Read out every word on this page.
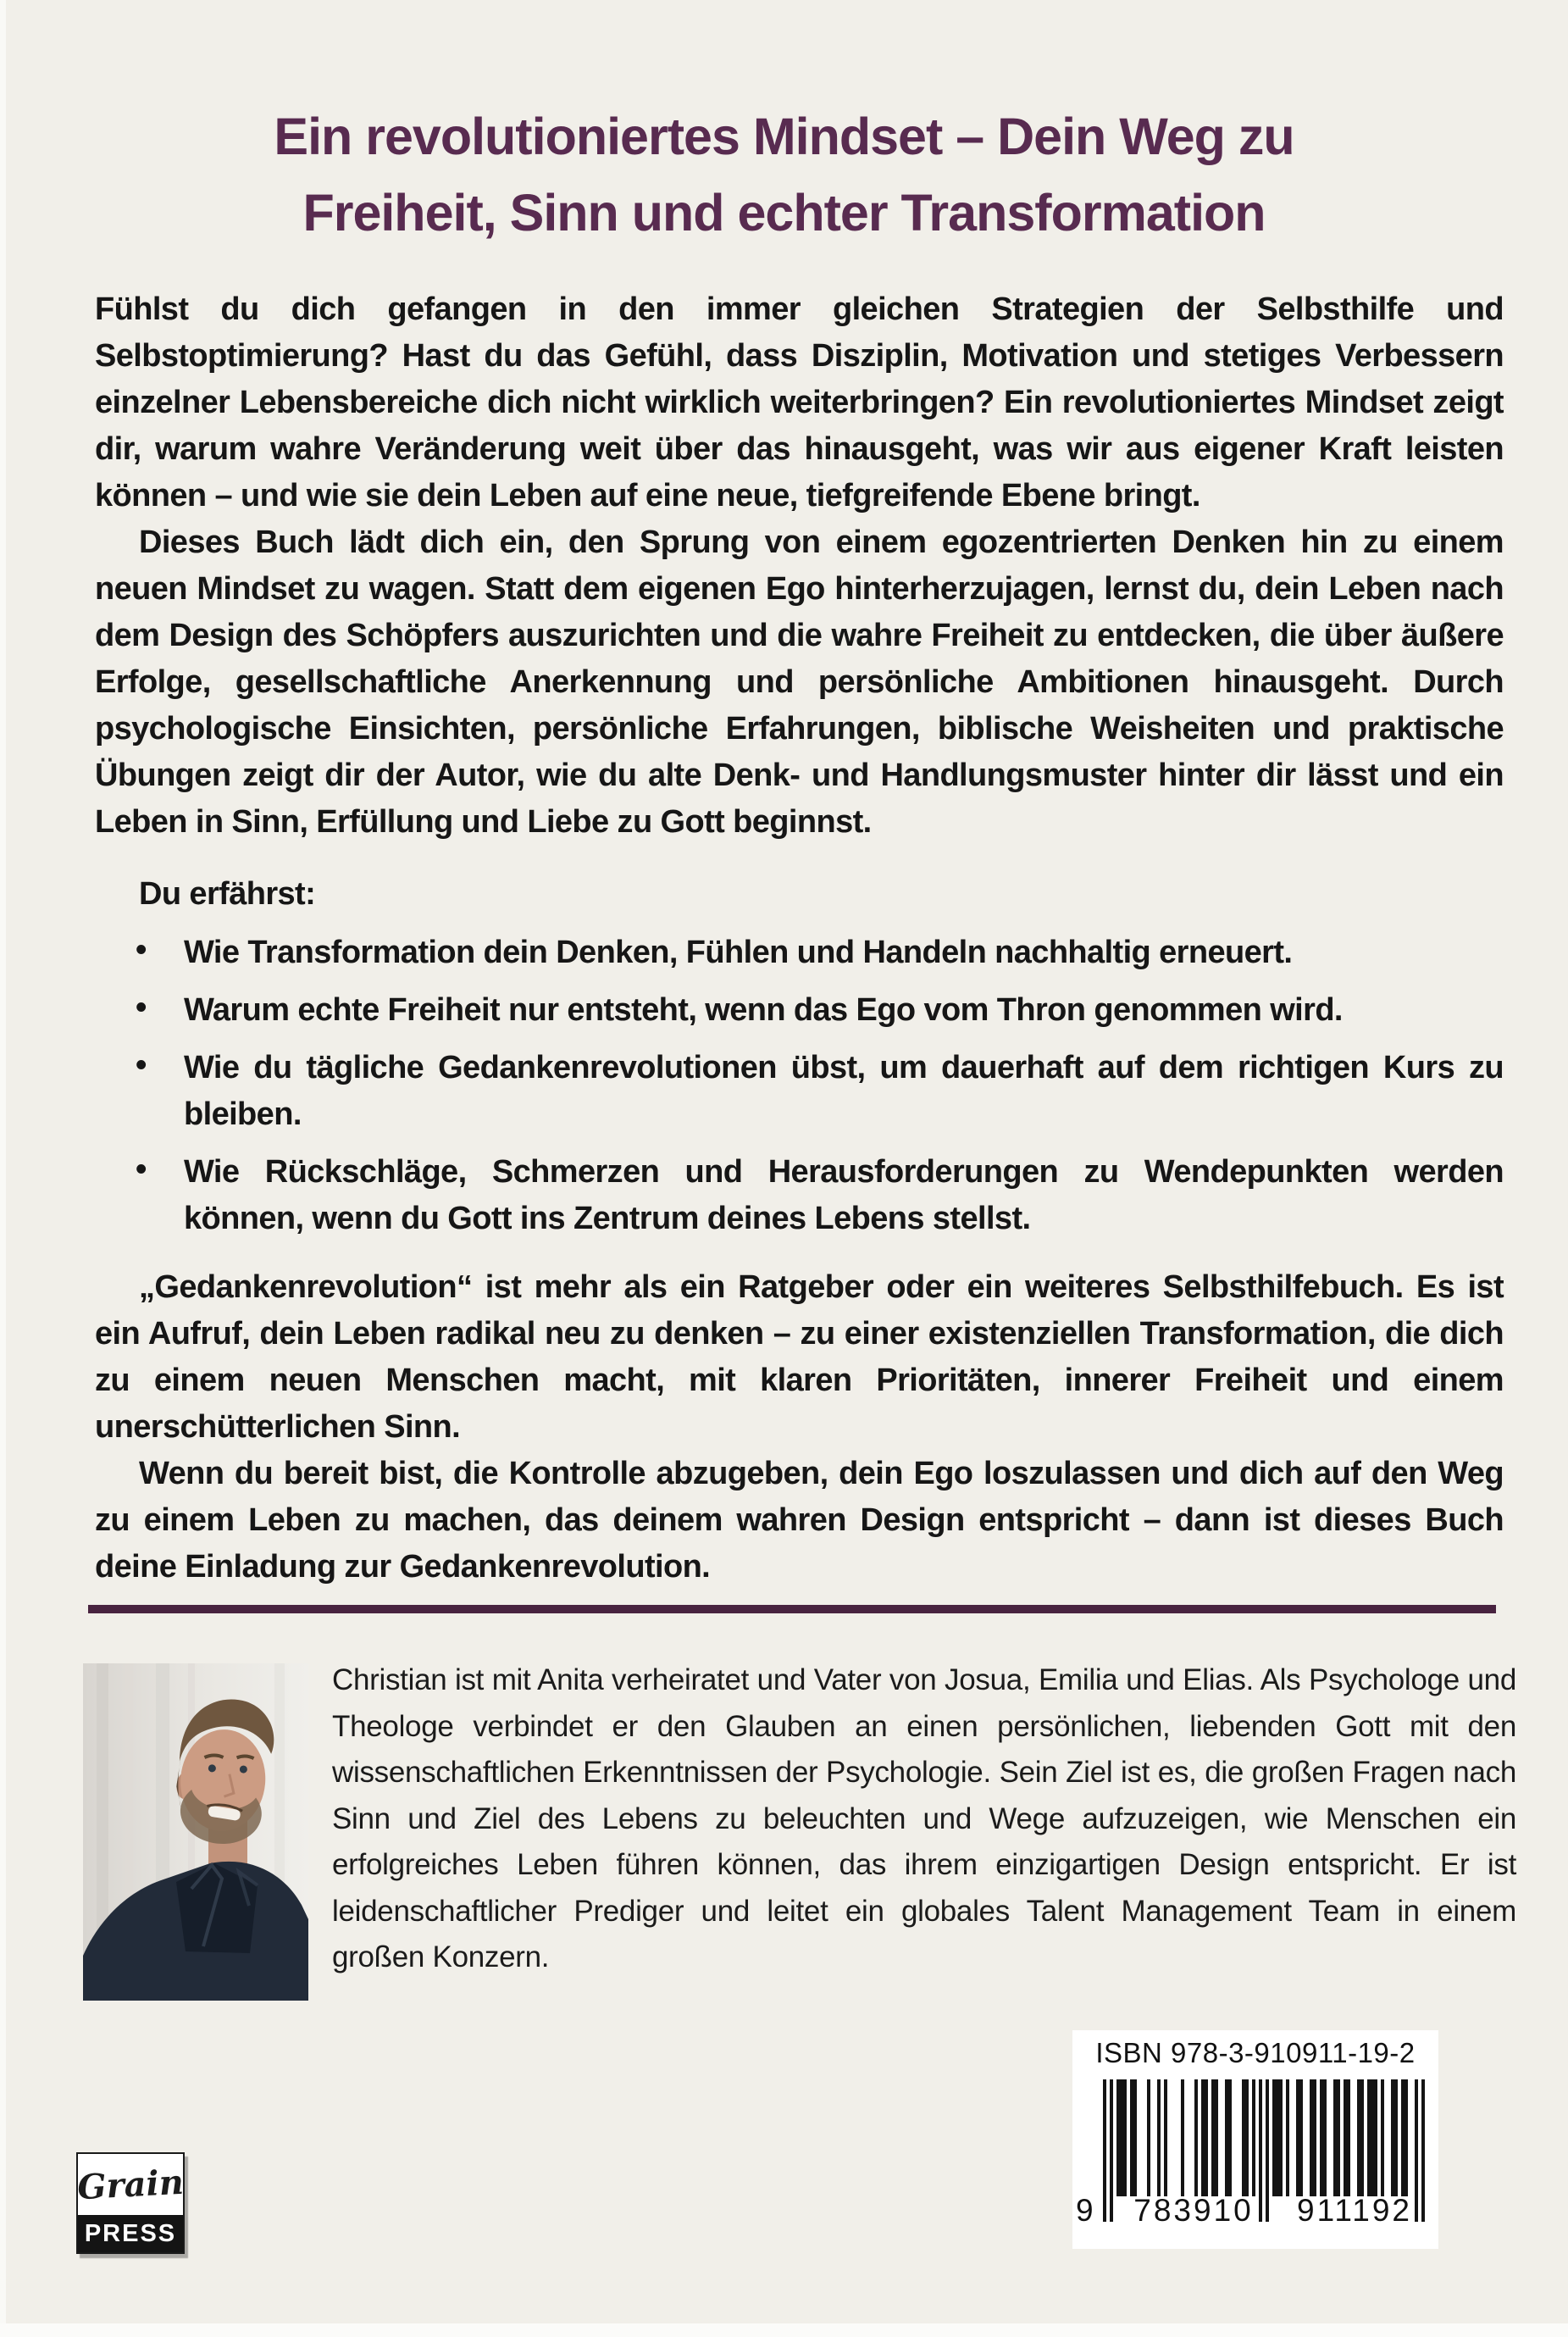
Ein revolutioniertes Mindset – Dein Weg zu
Freiheit, Sinn und echter Transformation

Fühlst du dich gefangen in den immer gleichen Strategien der Selbsthilfe und Selbstoptimierung? Hast du das Gefühl, dass Disziplin, Motivation und stetiges Verbessern einzelner Lebensbereiche dich nicht wirklich weiterbringen? Ein revolutioniertes Mindset zeigt dir, warum wahre Veränderung weit über das hinausgeht, was wir aus eigener Kraft leisten können – und wie sie dein Leben auf eine neue, tiefgreifende Ebene bringt.

Dieses Buch lädt dich ein, den Sprung von einem egozentrierten Denken hin zu einem neuen Mindset zu wagen. Statt dem eigenen Ego hinterherzujagen, lernst du, dein Leben nach dem Design des Schöpfers auszurichten und die wahre Freiheit zu entdecken, die über äußere Erfolge, gesellschaftliche Anerkennung und persönliche Ambitionen hinausgeht. Durch psychologische Einsichten, persönliche Erfahrungen, biblische Weisheiten und praktische Übungen zeigt dir der Autor, wie du alte Denk- und Handlungsmuster hinter dir lässt und ein Leben in Sinn, Erfüllung und Liebe zu Gott beginnst.

Du erfährst:

• Wie Transformation dein Denken, Fühlen und Handeln nachhaltig erneuert.
• Warum echte Freiheit nur entsteht, wenn das Ego vom Thron genommen wird.
• Wie du tägliche Gedankenrevolutionen übst, um dauerhaft auf dem richtigen Kurs zu bleiben.
• Wie Rückschläge, Schmerzen und Herausforderungen zu Wendepunkten werden können, wenn du Gott ins Zentrum deines Lebens stellst.

„Gedankenrevolution“ ist mehr als ein Ratgeber oder ein weiteres Selbsthilfebuch. Es ist ein Aufruf, dein Leben radikal neu zu denken – zu einer existenziellen Transformation, die dich zu einem neuen Menschen macht, mit klaren Prioritäten, innerer Freiheit und einem unerschütterlichen Sinn.

Wenn du bereit bist, die Kontrolle abzugeben, dein Ego loszulassen und dich auf den Weg zu einem Leben zu machen, das deinem wahren Design entspricht – dann ist dieses Buch deine Einladung zur Gedankenrevolution.

Christian ist mit Anita verheiratet und Vater von Josua, Emilia und Elias. Als Psychologe und Theologe verbindet er den Glauben an einen persönlichen, liebenden Gott mit den wissenschaftlichen Erkenntnissen der Psychologie. Sein Ziel ist es, die großen Fragen nach Sinn und Ziel des Lebens zu beleuchten und Wege aufzuzeigen, wie Menschen ein erfolgreiches Leben führen können, das ihrem einzigartigen Design entspricht. Er ist leidenschaftlicher Prediger und leitet ein globales Talent Management Team in einem großen Konzern.

ISBN 978-3-910911-19-2
9	783910	911192
Grain
PRESS
